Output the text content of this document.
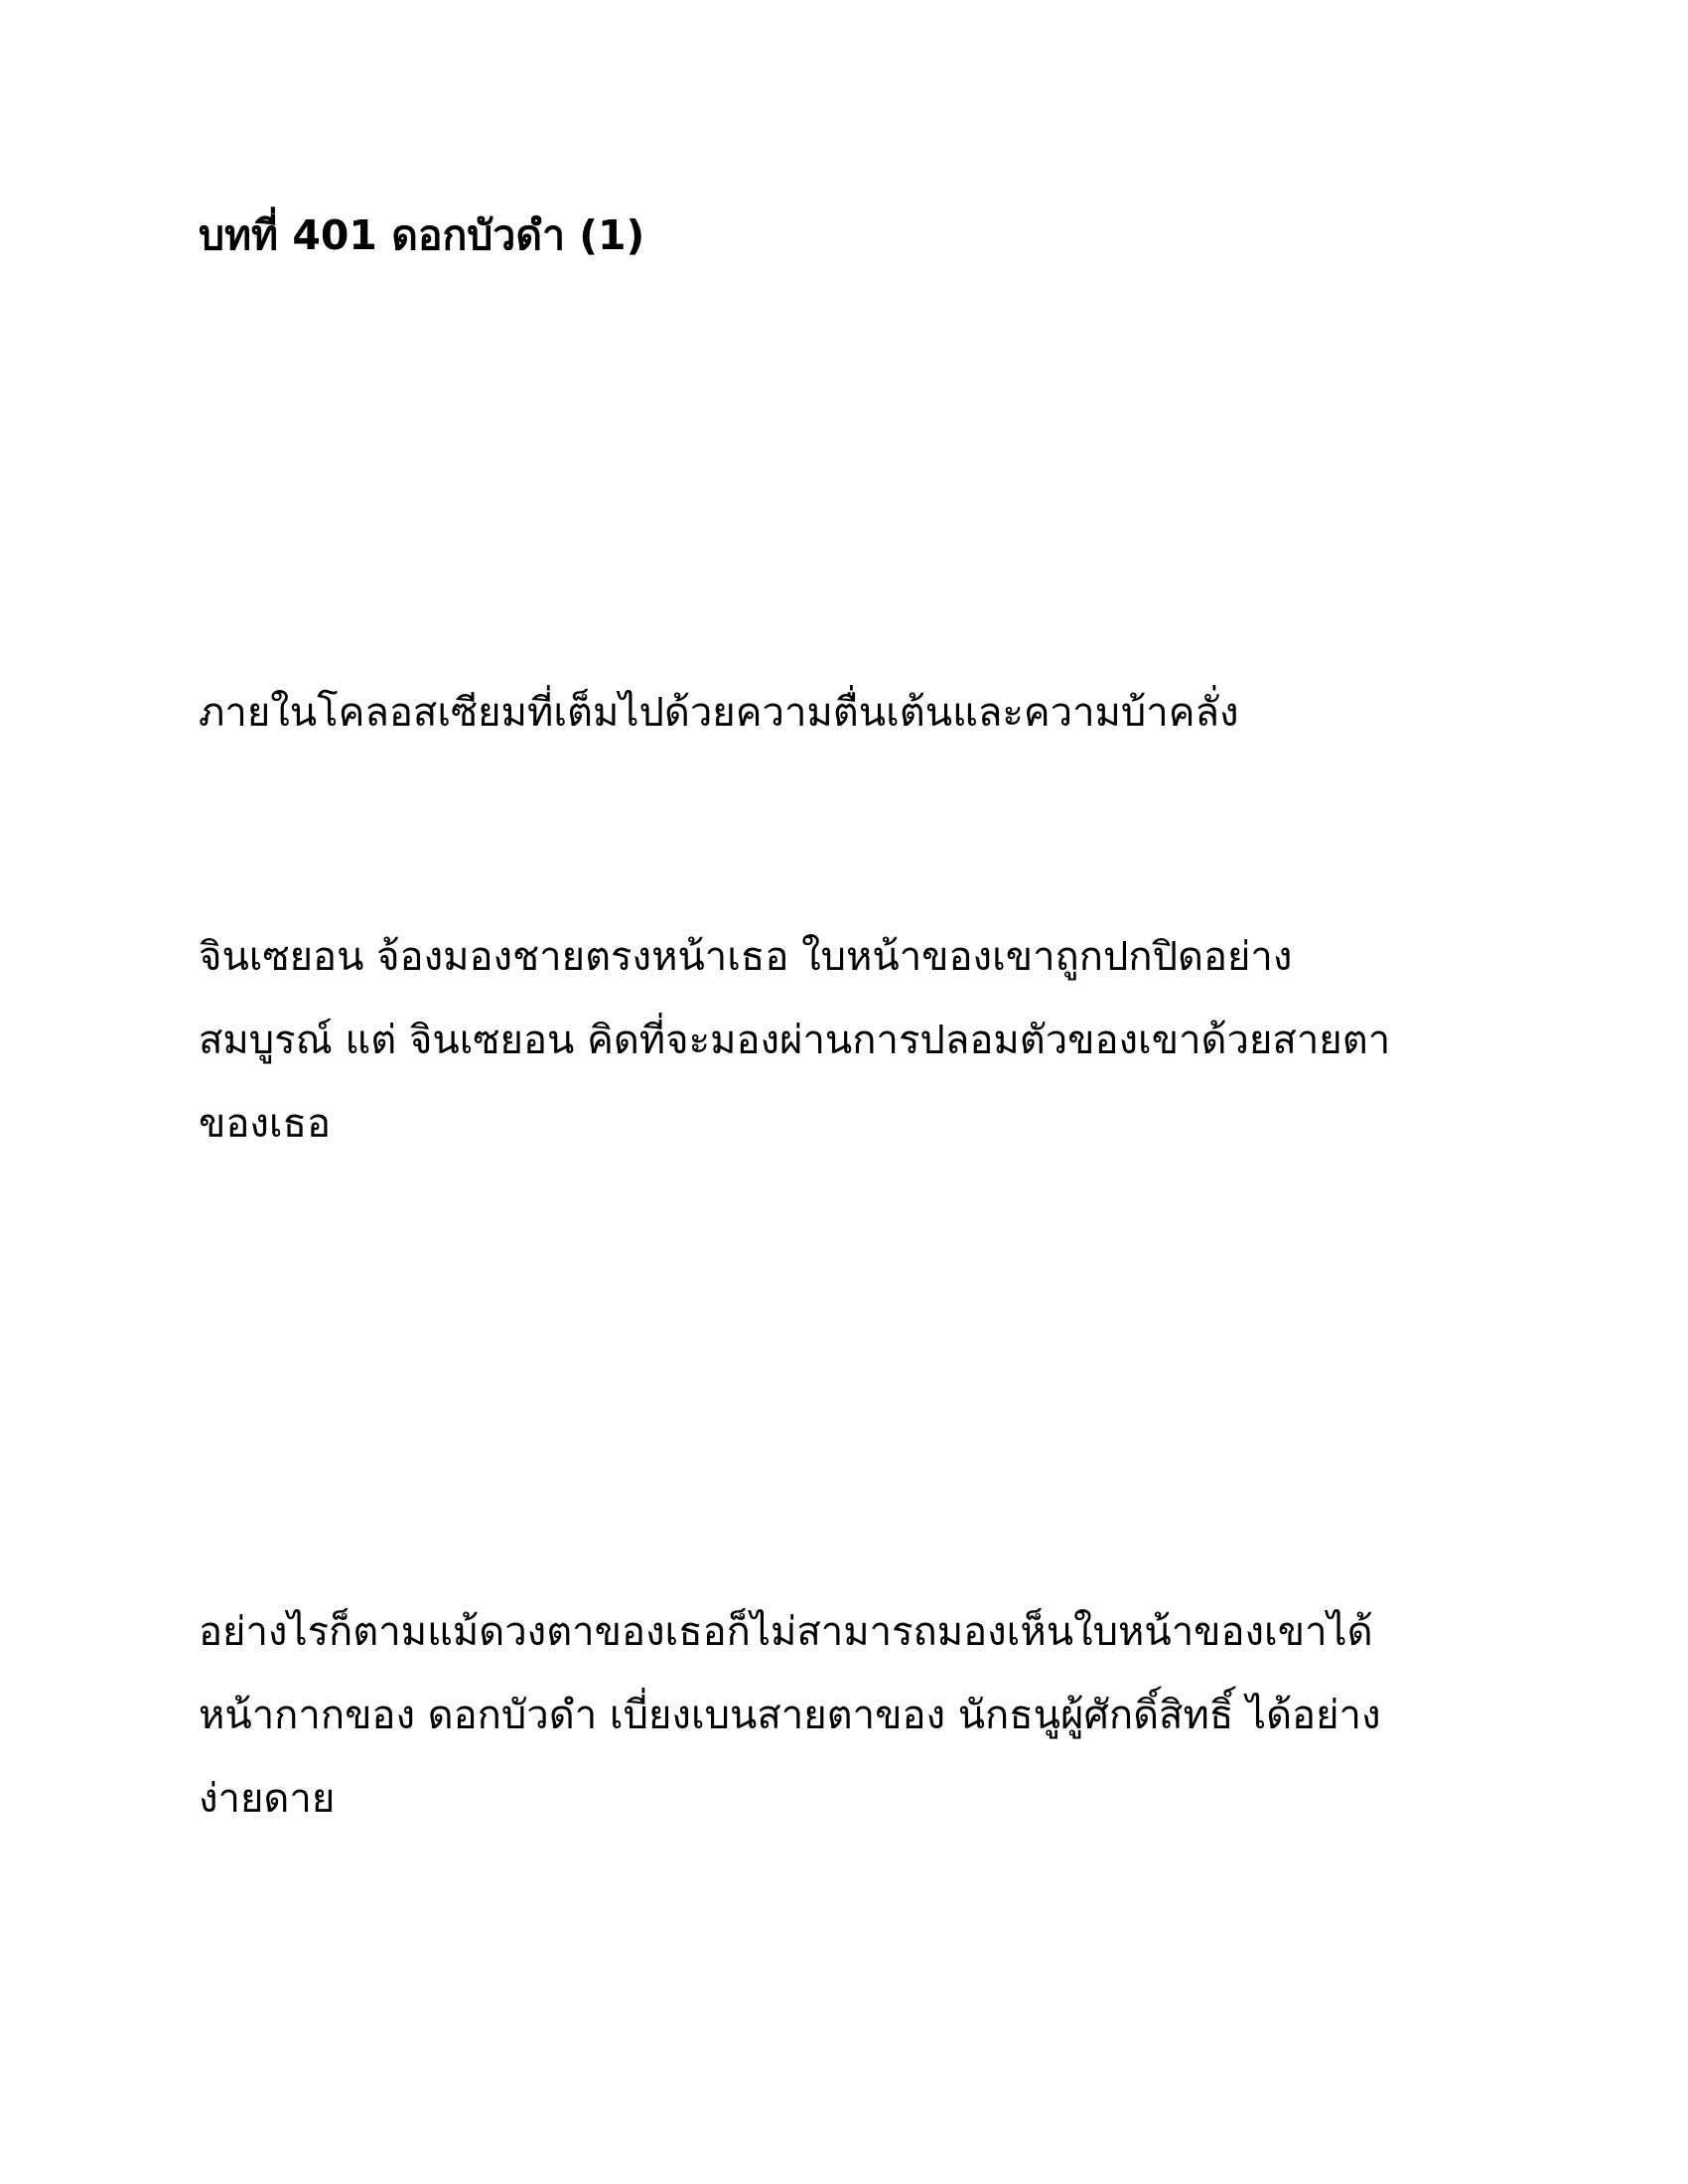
บทที่ 401 ดอกบัวดำ (1)
ภายในโคลอสเซียมที่เต็มไปด้วยความตื่นเต้นและความบ้าคลั่ง
จินเซยอน จ้องมองชายตรงหน้าเธอ ใบหน้าของเขาถูกปกปิดอย่าง
สมบูรณ์ แต่ จินเซยอน คิดที่จะมองผ่านการปลอมตัวของเขาด้วยสายตา
ของเธอ
อย่างไรก็ตามแม้ดวงตาของเธอก็ไม่สามารถมองเห็นใบหน้าของเขาได้
หน้ากากของ ดอกบัวดำ เบี่ยงเบนสายตาของ นักธนูผู้ศักดิ์สิทธิ์ ได้อย่าง
ง่ายดาย
